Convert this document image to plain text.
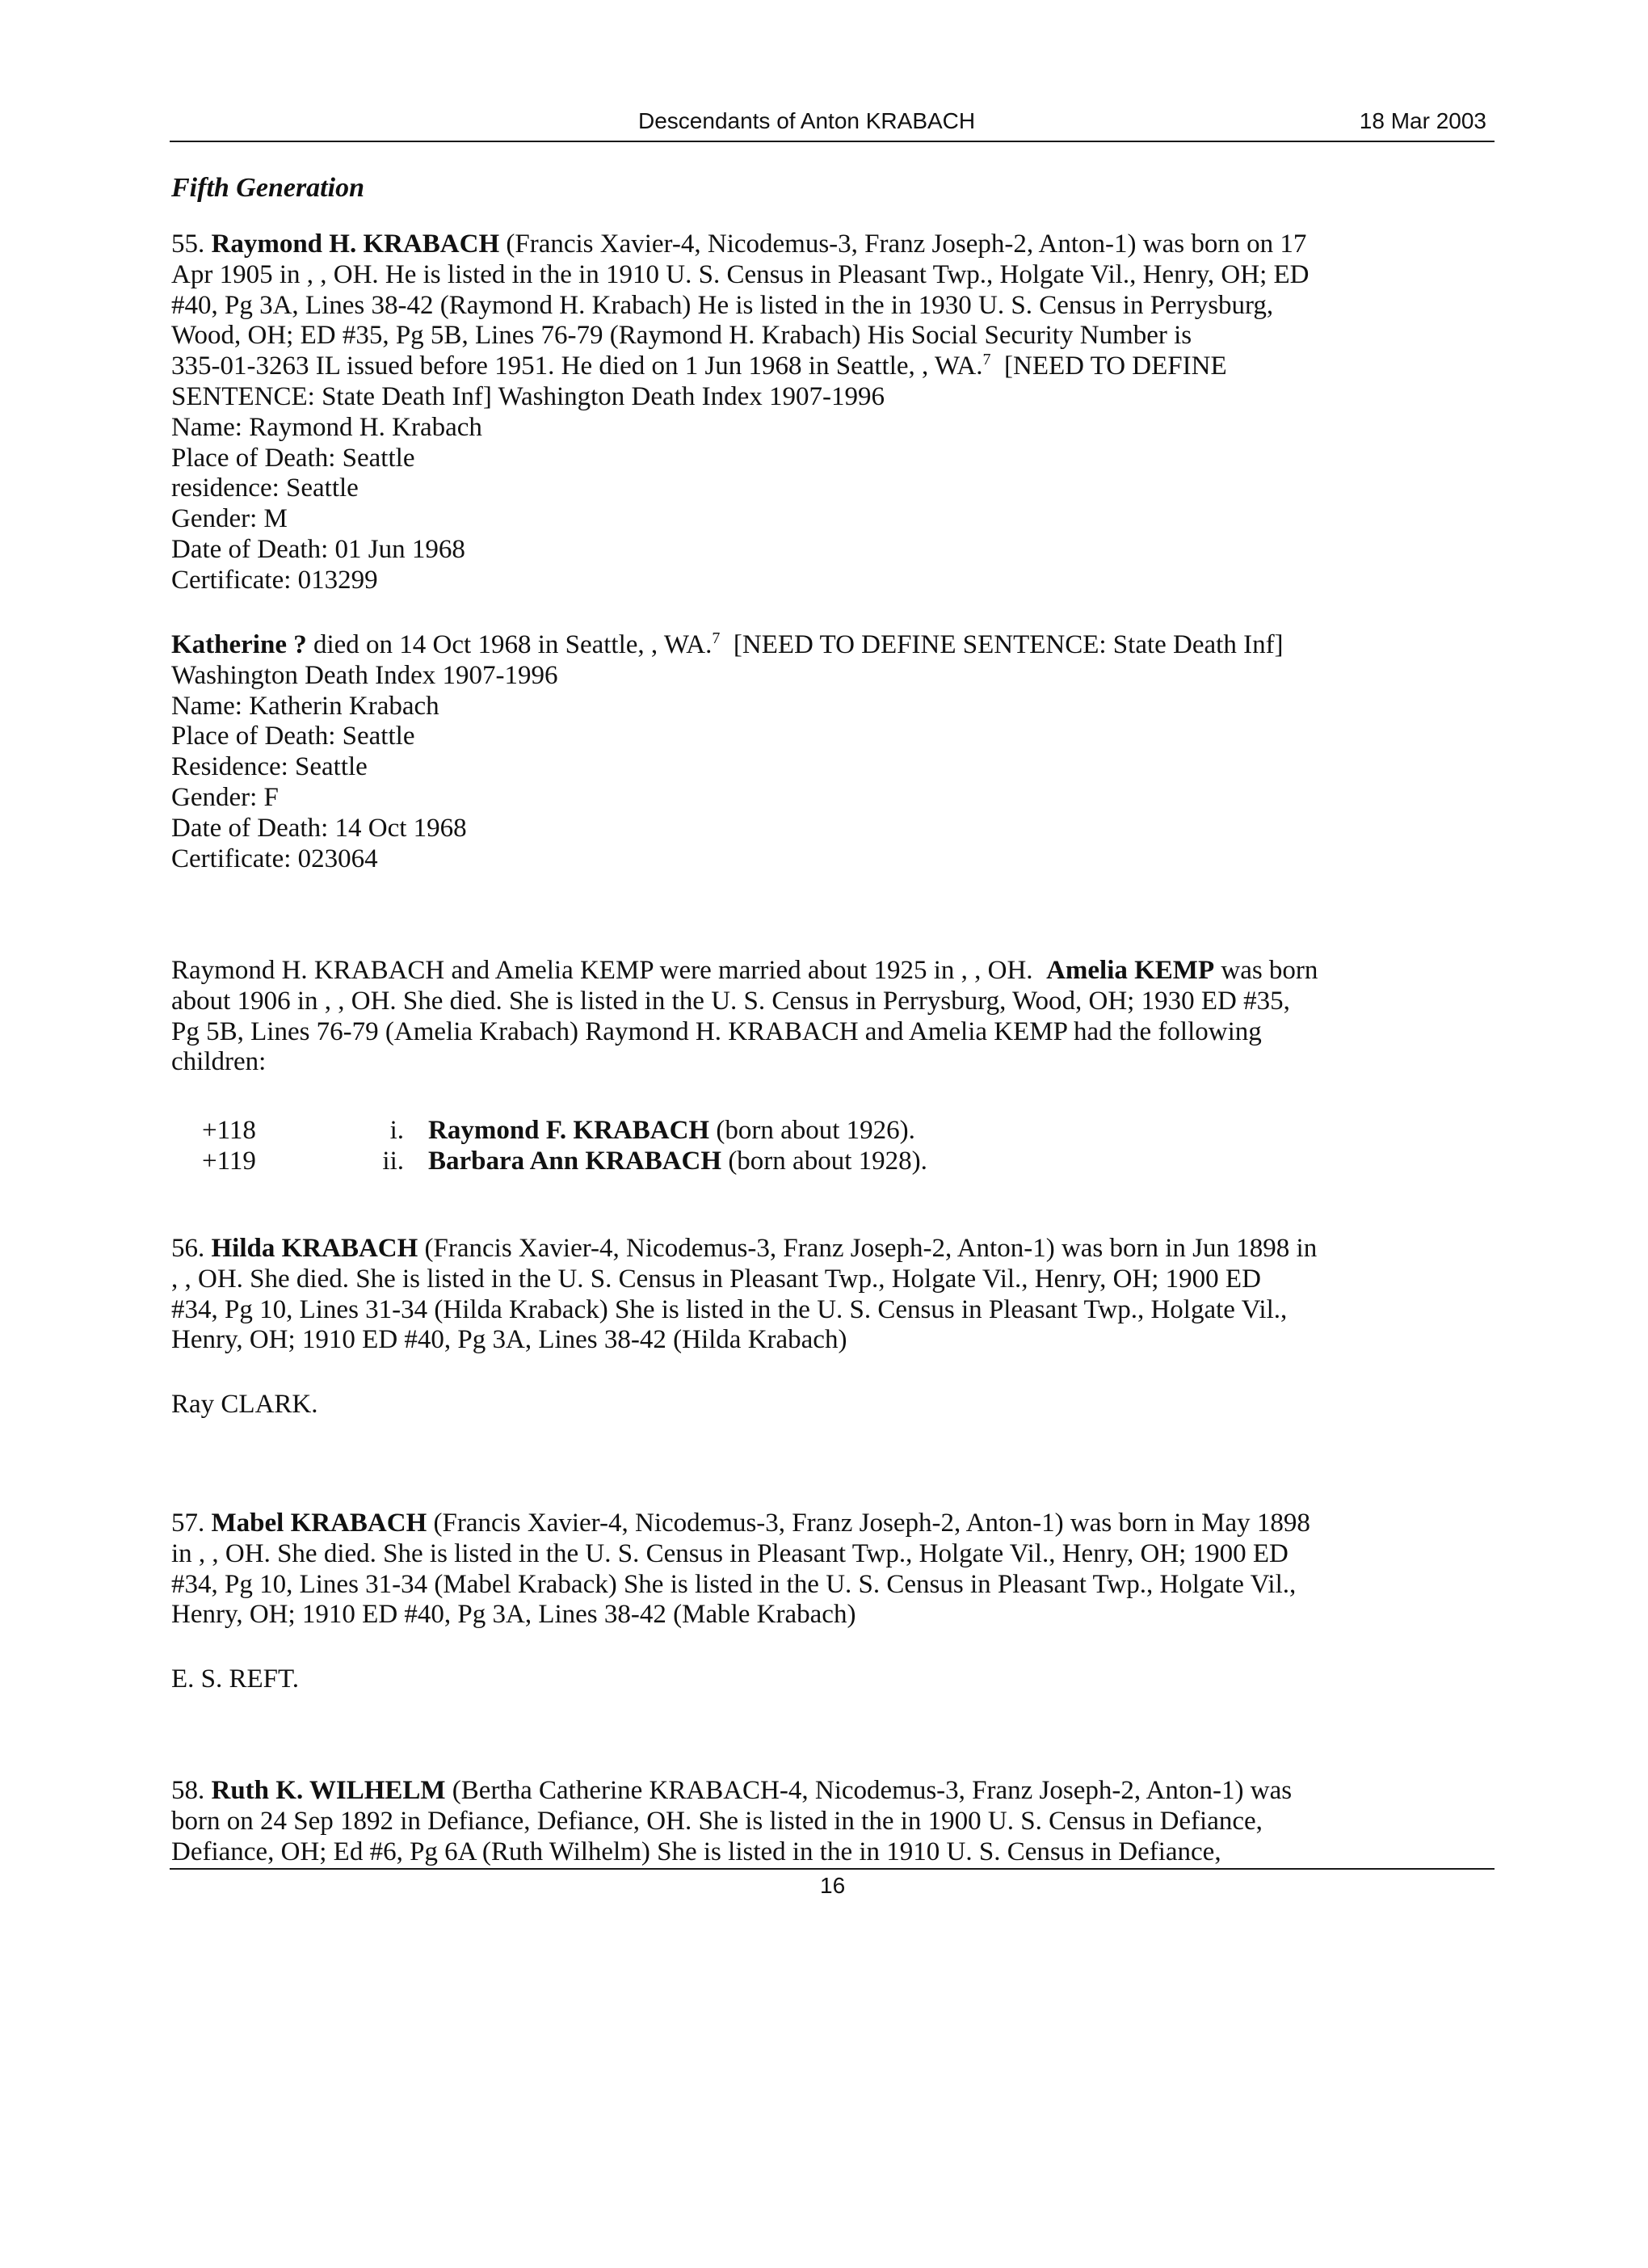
Descendants of Anton KRABACH	18 Mar 2003
Fifth Generation
55. Raymond H. KRABACH (Francis Xavier-4, Nicodemus-3, Franz Joseph-2, Anton-1) was born on 17
Apr 1905 in , , OH. He is listed in the in 1910 U. S. Census in Pleasant Twp., Holgate Vil., Henry, OH; ED
#40, Pg 3A, Lines 38-42 (Raymond H. Krabach) He is listed in the in 1930 U. S. Census in Perrysburg,
Wood, OH; ED #35, Pg 5B, Lines 76-79 (Raymond H. Krabach) His Social Security Number is
335-01-3263 IL issued before 1951. He died on 1 Jun 1968 in Seattle, , WA.$^7$  [NEED TO DEFINE
SENTENCE: State Death Inf] Washington Death Index 1907-1996
Name: Raymond H. Krabach
Place of Death: Seattle
residence: Seattle
Gender: M
Date of Death: 01 Jun 1968
Certificate: 013299
Katherine ? died on 14 Oct 1968 in Seattle, , WA.$^7$  [NEED TO DEFINE SENTENCE: State Death Inf]
Washington Death Index 1907-1996
Name: Katherin Krabach
Place of Death: Seattle
Residence: Seattle
Gender: F
Date of Death: 14 Oct 1968
Certificate: 023064
Raymond H. KRABACH and Amelia KEMP were married about 1925 in , , OH.  Amelia KEMP was born
about 1906 in , , OH. She died. She is listed in the U. S. Census in Perrysburg, Wood, OH; 1930 ED #35,
Pg 5B, Lines 76-79 (Amelia Krabach) Raymond H. KRABACH and Amelia KEMP had the following
children:
+118	i. Raymond F. KRABACH (born about 1926).
+119	ii. Barbara Ann KRABACH (born about 1928).
56. Hilda KRABACH (Francis Xavier-4, Nicodemus-3, Franz Joseph-2, Anton-1) was born in Jun 1898 in
, , OH. She died. She is listed in the U. S. Census in Pleasant Twp., Holgate Vil., Henry, OH; 1900 ED
#34, Pg 10, Lines 31-34 (Hilda Kraback) She is listed in the U. S. Census in Pleasant Twp., Holgate Vil.,
Henry, OH; 1910 ED #40, Pg 3A, Lines 38-42 (Hilda Krabach)
Ray CLARK.
57. Mabel KRABACH (Francis Xavier-4, Nicodemus-3, Franz Joseph-2, Anton-1) was born in May 1898
in , , OH. She died. She is listed in the U. S. Census in Pleasant Twp., Holgate Vil., Henry, OH; 1900 ED
#34, Pg 10, Lines 31-34 (Mabel Kraback) She is listed in the U. S. Census in Pleasant Twp., Holgate Vil.,
Henry, OH; 1910 ED #40, Pg 3A, Lines 38-42 (Mable Krabach)
E. S. REFT.
58. Ruth K. WILHELM (Bertha Catherine KRABACH-4, Nicodemus-3, Franz Joseph-2, Anton-1) was
born on 24 Sep 1892 in Defiance, Defiance, OH. She is listed in the in 1900 U. S. Census in Defiance,
Defiance, OH; Ed #6, Pg 6A (Ruth Wilhelm) She is listed in the in 1910 U. S. Census in Defiance,
16
